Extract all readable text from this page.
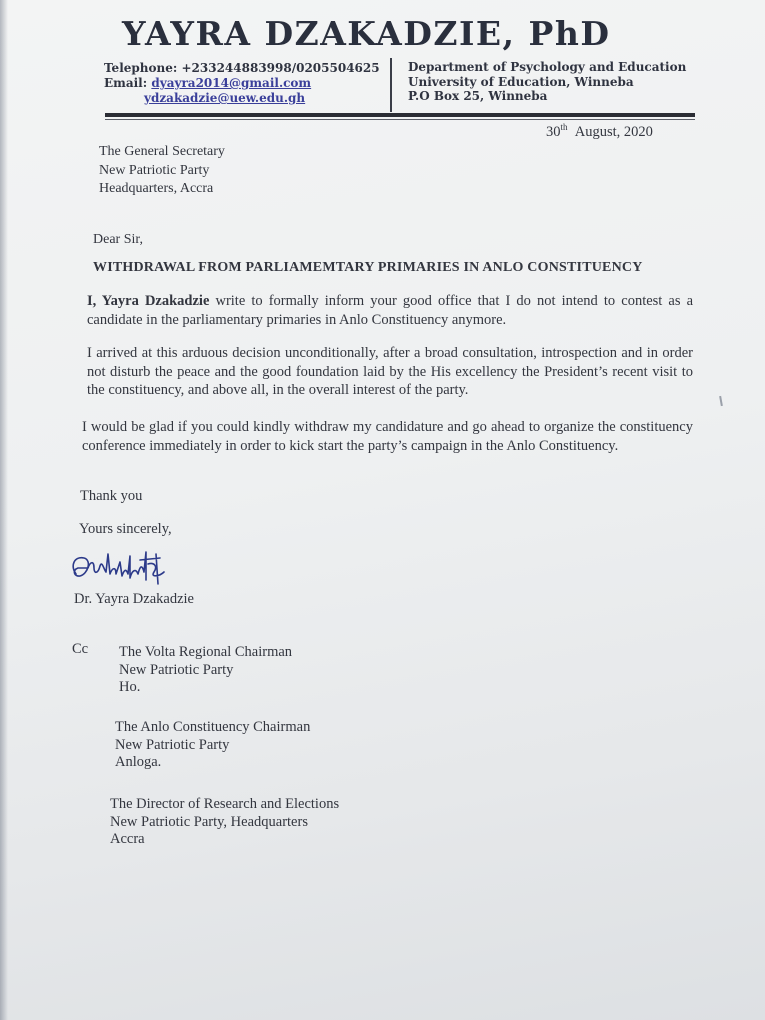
YAYRA DZAKADZIE, PhD
Telephone: +233244883998/0205504625
Email: dyayra2014@gmail.com
ydzakadzie@uew.edu.gh
Department of Psychology and Education
University of Education, Winneba
P.O Box 25, Winneba
30th August, 2020
The General Secretary
New Patriotic Party
Headquarters, Accra
Dear Sir,
WITHDRAWAL FROM PARLIAMEMTARY PRIMARIES IN ANLO CONSTITUENCY
I, Yayra Dzakadzie write to formally inform your good office that I do not intend to contest as a candidate in the parliamentary primaries in Anlo Constituency anymore.
I arrived at this arduous decision unconditionally, after a broad consultation, introspection and in order not disturb the peace and the good foundation laid by the His excellency the President’s recent visit to the constituency, and above all, in the overall interest of the party.
I would be glad if you could kindly withdraw my candidature and go ahead to organize the constituency conference immediately in order to kick start the party’s campaign in the Anlo Constituency.
Thank you
Yours sincerely,
Dr. Yayra Dzakadzie
Cc The Volta Regional Chairman
New Patriotic Party
Ho.
The Anlo Constituency Chairman
New Patriotic Party
Anloga.
The Director of Research and Elections
New Patriotic Party, Headquarters
Accra
